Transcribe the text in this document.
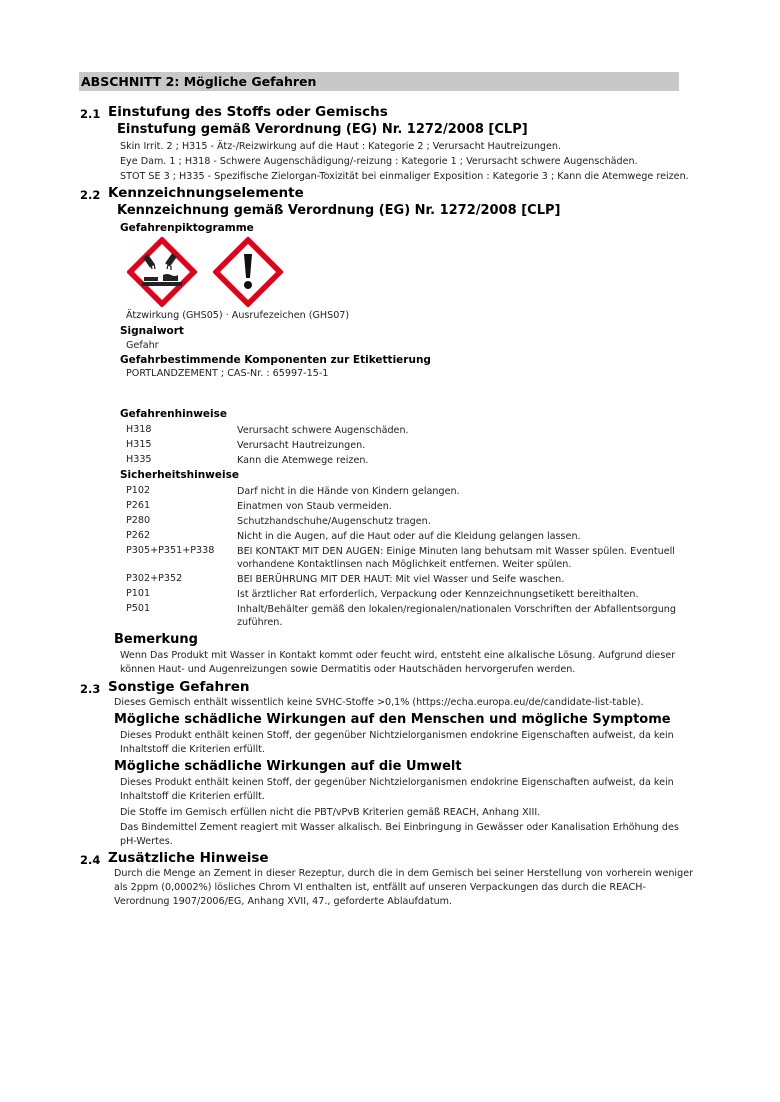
ABSCHNITT 2: Mögliche Gefahren
2.1 Einstufung des Stoffs oder Gemischs
Einstufung gemäß Verordnung (EG) Nr. 1272/2008 [CLP]
Skin Irrit. 2 ; H315 - Ätz-/Reizwirkung auf die Haut : Kategorie 2 ; Verursacht Hautreizungen.
Eye Dam. 1 ; H318 - Schwere Augenschädigung/-reizung : Kategorie 1 ; Verursacht schwere Augenschäden.
STOT SE 3 ; H335 - Spezifische Zielorgan-Toxizität bei einmaliger Exposition : Kategorie 3 ; Kann die Atemwege reizen.
2.2 Kennzeichnungselemente
Kennzeichnung gemäß Verordnung (EG) Nr. 1272/2008 [CLP]
Gefahrenpiktogramme
Ätzwirkung (GHS05) · Ausrufezeichen (GHS07)
Signalwort
Gefahr
Gefahrbestimmende Komponenten zur Etikettierung
PORTLANDZEMENT ; CAS-Nr. : 65997-15-1
Gefahrenhinweise
H318	Verursacht schwere Augenschäden.
H315	Verursacht Hautreizungen.
H335	Kann die Atemwege reizen.
Sicherheitshinweise
P102	Darf nicht in die Hände von Kindern gelangen.
P261	Einatmen von Staub vermeiden.
P280	Schutzhandschuhe/Augenschutz tragen.
P262	Nicht in die Augen, auf die Haut oder auf die Kleidung gelangen lassen.
P305+P351+P338 BEI KONTAKT MIT DEN AUGEN: Einige Minuten lang behutsam mit Wasser spülen. Eventuell
vorhandene Kontaktlinsen nach Möglichkeit entfernen. Weiter spülen.
P302+P352	BEI BERÜHRUNG MIT DER HAUT: Mit viel Wasser und Seife waschen.
P101	Ist ärztlicher Rat erforderlich, Verpackung oder Kennzeichnungsetikett bereithalten.
P501	Inhalt/Behälter gemäß den lokalen/regionalen/nationalen Vorschriften der Abfallentsorgung
zuführen.
Bemerkung
Wenn Das Produkt mit Wasser in Kontakt kommt oder feucht wird, entsteht eine alkalische Lösung. Aufgrund dieser
können Haut- und Augenreizungen sowie Dermatitis oder Hautschäden hervorgerufen werden.
2.3 Sonstige Gefahren
Dieses Gemisch enthält wissentlich keine SVHC-Stoffe >0,1% (https://echa.europa.eu/de/candidate-list-table).
Mögliche schädliche Wirkungen auf den Menschen und mögliche Symptome
Dieses Produkt enthält keinen Stoff, der gegenüber Nichtzielorganismen endokrine Eigenschaften aufweist, da kein
Inhaltstoff die Kriterien erfüllt.
Mögliche schädliche Wirkungen auf die Umwelt
Dieses Produkt enthält keinen Stoff, der gegenüber Nichtzielorganismen endokrine Eigenschaften aufweist, da kein
Inhaltstoff die Kriterien erfüllt.
Die Stoffe im Gemisch erfüllen nicht die PBT/vPvB Kriterien gemäß REACH, Anhang XIII.
Das Bindemittel Zement reagiert mit Wasser alkalisch. Bei Einbringung in Gewässer oder Kanalisation Erhöhung des
pH-Wertes.
2.4 Zusätzliche Hinweise
Durch die Menge an Zement in dieser Rezeptur, durch die in dem Gemisch bei seiner Herstellung von vorherein weniger
als 2ppm (0,0002%) lösliches Chrom VI enthalten ist, entfällt auf unseren Verpackungen das durch die REACH-
Verordnung 1907/2006/EG, Anhang XVII, 47., geforderte Ablaufdatum.
